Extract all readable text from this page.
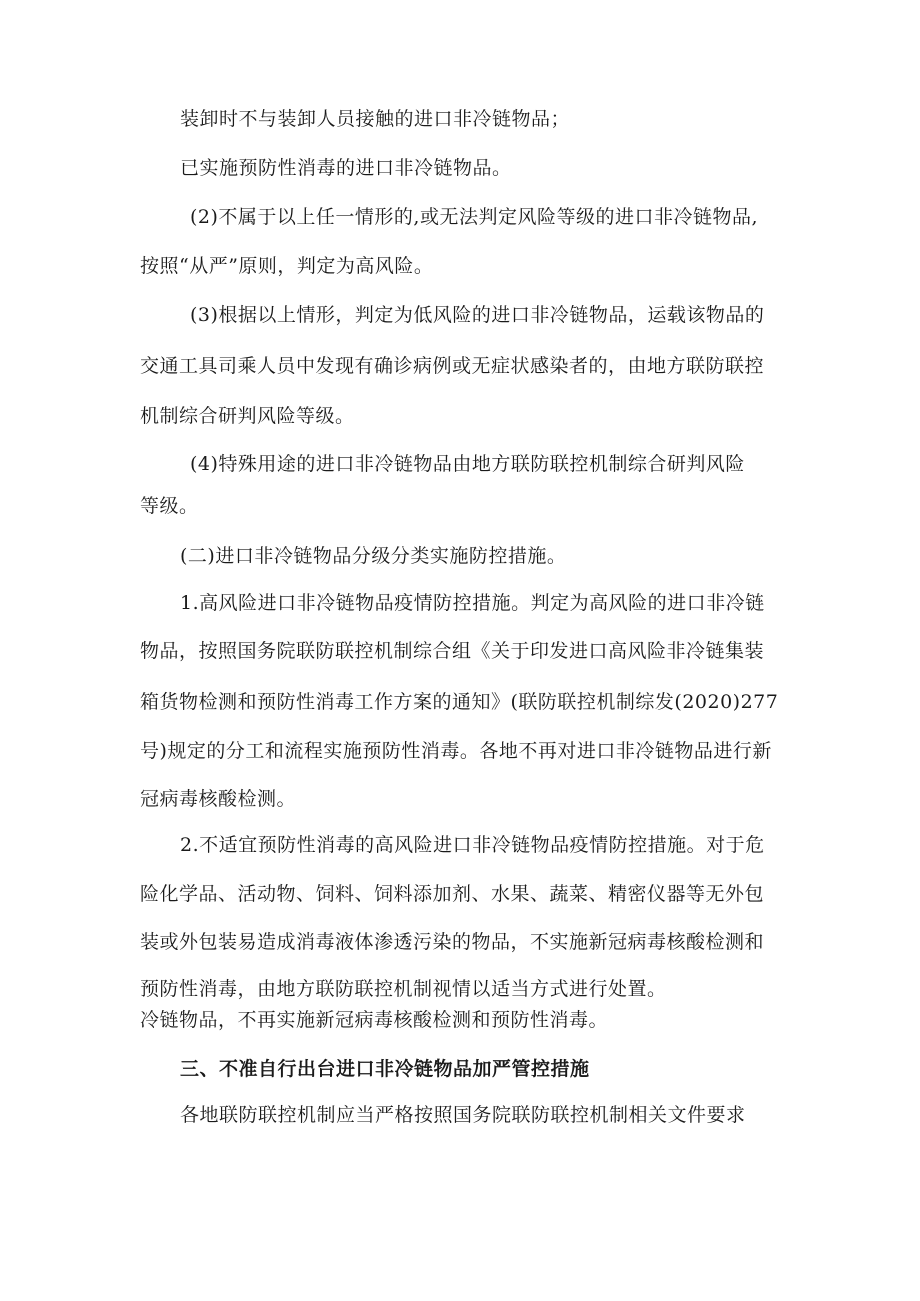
装卸时不与装卸人员接触的进口非冷链物品；
已实施预防性消毒的进口非冷链物品。
(2)不属于以上任一情形的,或无法判定风险等级的进口非冷链物品,
按照“从严”原则，判定为高风险。
(3)根据以上情形，判定为低风险的进口非冷链物品，运载该物品的
交通工具司乘人员中发现有确诊病例或无症状感染者的，由地方联防联控
机制综合研判风险等级。
(4)特殊用途的进口非冷链物品由地方联防联控机制综合研判风险
等级。
(二)进口非冷链物品分级分类实施防控措施。
1.高风险进口非冷链物品疫情防控措施。判定为高风险的进口非冷链
物品，按照国务院联防联控机制综合组《关于印发进口高风险非冷链集装
箱货物检测和预防性消毒工作方案的通知》(联防联控机制综发(2020)277
号)规定的分工和流程实施预防性消毒。各地不再对进口非冷链物品进行新
冠病毒核酸检测。
2.不适宜预防性消毒的高风险进口非冷链物品疫情防控措施。对于危
险化学品、活动物、饲料、饲料添加剂、水果、蔬菜、精密仪器等无外包
装或外包装易造成消毒液体渗透污染的物品，不实施新冠病毒核酸检测和
预防性消毒，由地方联防联控机制视情以适当方式进行处置。
冷链物品，不再实施新冠病毒核酸检测和预防性消毒。
三、不准自行出台进口非冷链物品加严管控措施
各地联防联控机制应当严格按照国务院联防联控机制相关文件要求
